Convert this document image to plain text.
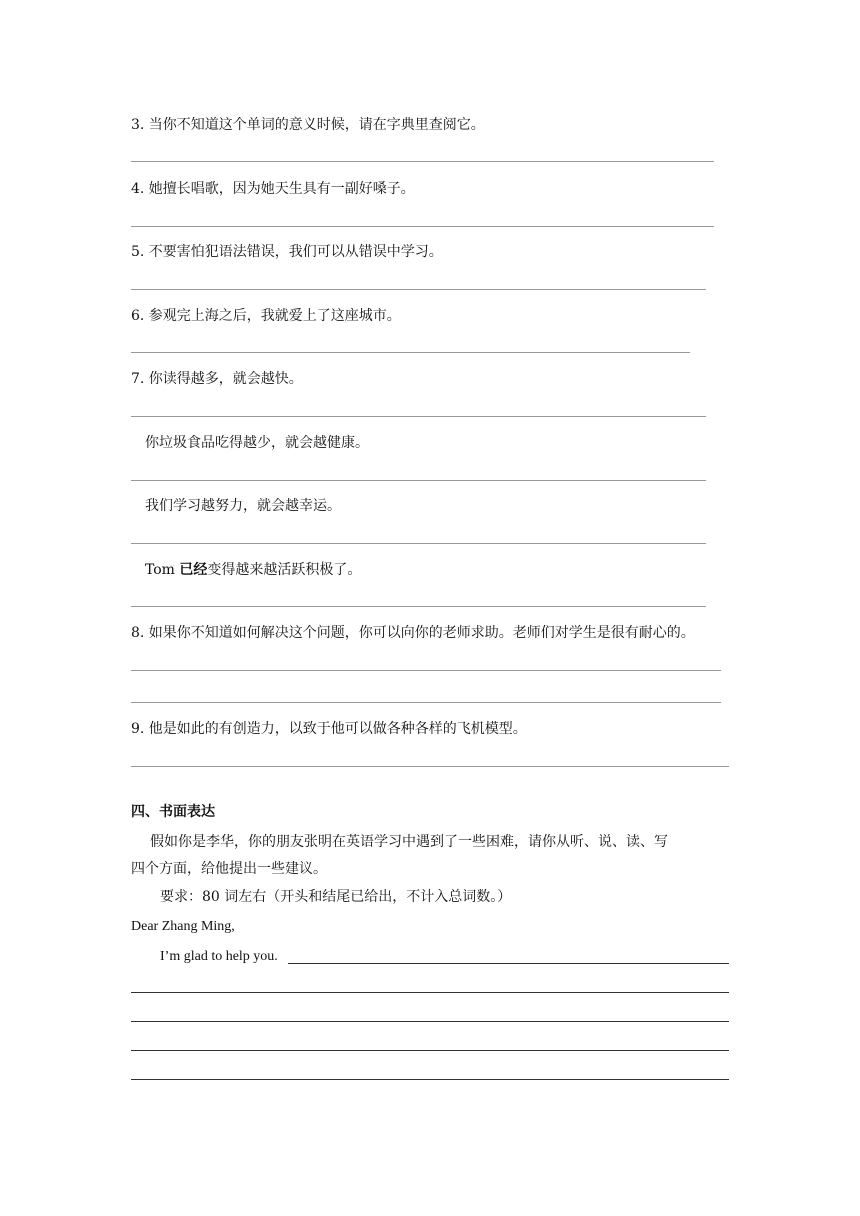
3. 当你不知道这个单词的意义时候，请在字典里查阅它。
4. 她擅长唱歌，因为她天生具有一副好嗓子。
5. 不要害怕犯语法错误，我们可以从错误中学习。
6. 参观完上海之后，我就爱上了这座城市。
7. 你读得越多，就会越快。
你垃圾食品吃得越少，就会越健康。
我们学习越努力，就会越幸运。
Tom 已经变得越来越活跃积极了。
8. 如果你不知道如何解决这个问题，你可以向你的老师求助。老师们对学生是很有耐心的。
9. 他是如此的有创造力，以致于他可以做各种各样的飞机模型。
四、书面表达
假如你是李华，你的朋友张明在英语学习中遇到了一些困难，请你从听、说、读、写
四个方面，给他提出一些建议。
要求：80 词左右（开头和结尾已给出，不计入总词数。）
Dear Zhang Ming,
I’m glad to help you.
